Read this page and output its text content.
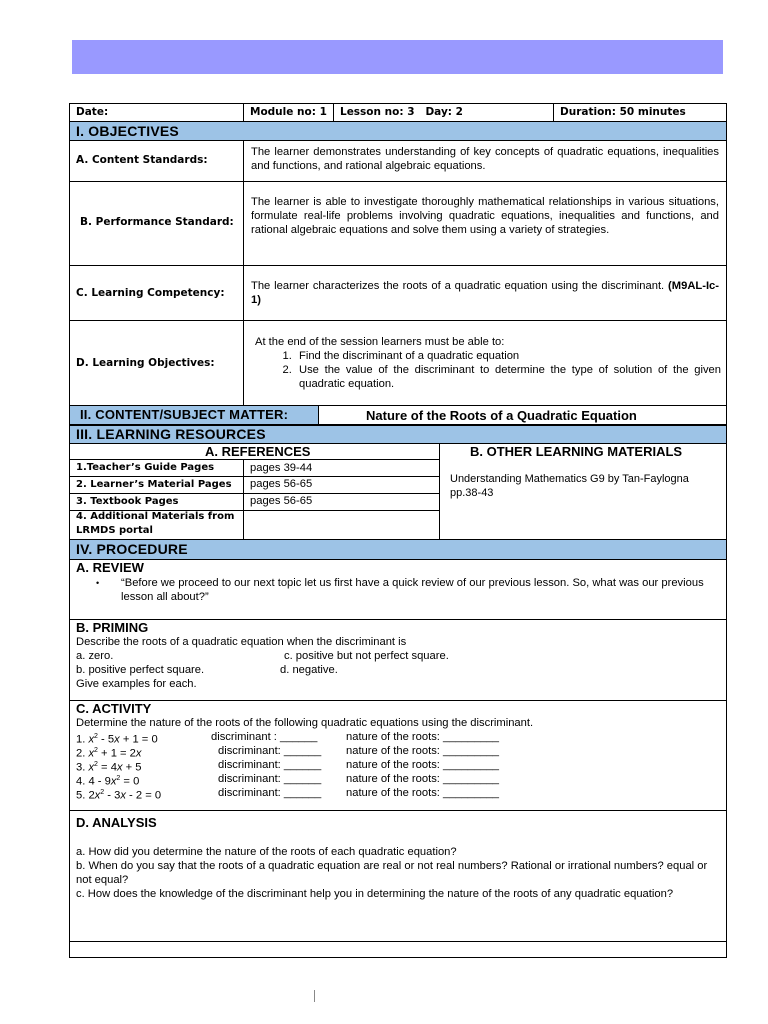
Date:	Module no: 1 Lesson no: 3   Day: 2	Duration: 50 minutes
I. OBJECTIVES
A. Content Standards:
The learner demonstrates understanding of key concepts of quadratic equations, inequalities and functions, and rational algebraic equations.
B. Performance Standard:
The learner is able to investigate thoroughly mathematical relationships in various situations, formulate real-life problems involving quadratic equations, inequalities and functions, and rational algebraic equations and solve them using a variety of strategies.
C. Learning Competency:
The learner characterizes the roots of a quadratic equation using the discriminant. (M9AL-Ic-1)
D. Learning Objectives:
At the end of the session learners must be able to:
1. Find the discriminant of a quadratic equation
2. Use the value of the discriminant to determine the type of solution of the given quadratic equation.
II. CONTENT/SUBJECT MATTER:	Nature of the Roots of a Quadratic Equation
III. LEARNING RESOURCES
A. REFERENCES	B. OTHER LEARNING MATERIALS
1.Teacher’s Guide Pages	pages 39-44
2. Learner’s Material Pages pages 56-65
3. Textbook Pages	pages 56-65
4. Additional Materials from LRMDS portal
Understanding Mathematics G9 by Tan-Faylogna pp.38-43
IV. PROCEDURE
A. REVIEW
• “Before we proceed to our next topic let us first have a quick review of our previous lesson. So, what was our previous lesson all about?”
B. PRIMING
Describe the roots of a quadratic equation when the discriminant is
a. zero.	c. positive but not perfect square.
b. positive perfect square.	d. negative.
Give examples for each.
C. ACTIVITY
Determine the nature of the roots of the following quadratic equations using the discriminant.
1. $x^2 - 5x + 1 = 0$	discriminant : ______	nature of the roots: _________
2. $x^2 + 1 = 2x$	discriminant: ______ nature of the roots: _________
3. $x^2 = 4x + 5$	discriminant: ______ nature of the roots: _________
4. $4 - 9x^2 = 0$	discriminant: ______ nature of the roots: _________
5. $2x^2 - 3x - 2 = 0$	discriminant: ______ nature of the roots: _________
D. ANALYSIS
a. How did you determine the nature of the roots of each quadratic equation?
b. When do you say that the roots of a quadratic equation are real or not real numbers? Rational or irrational numbers? equal or not equal?
c. How does the knowledge of the discriminant help you in determining the nature of the roots of any quadratic equation?
